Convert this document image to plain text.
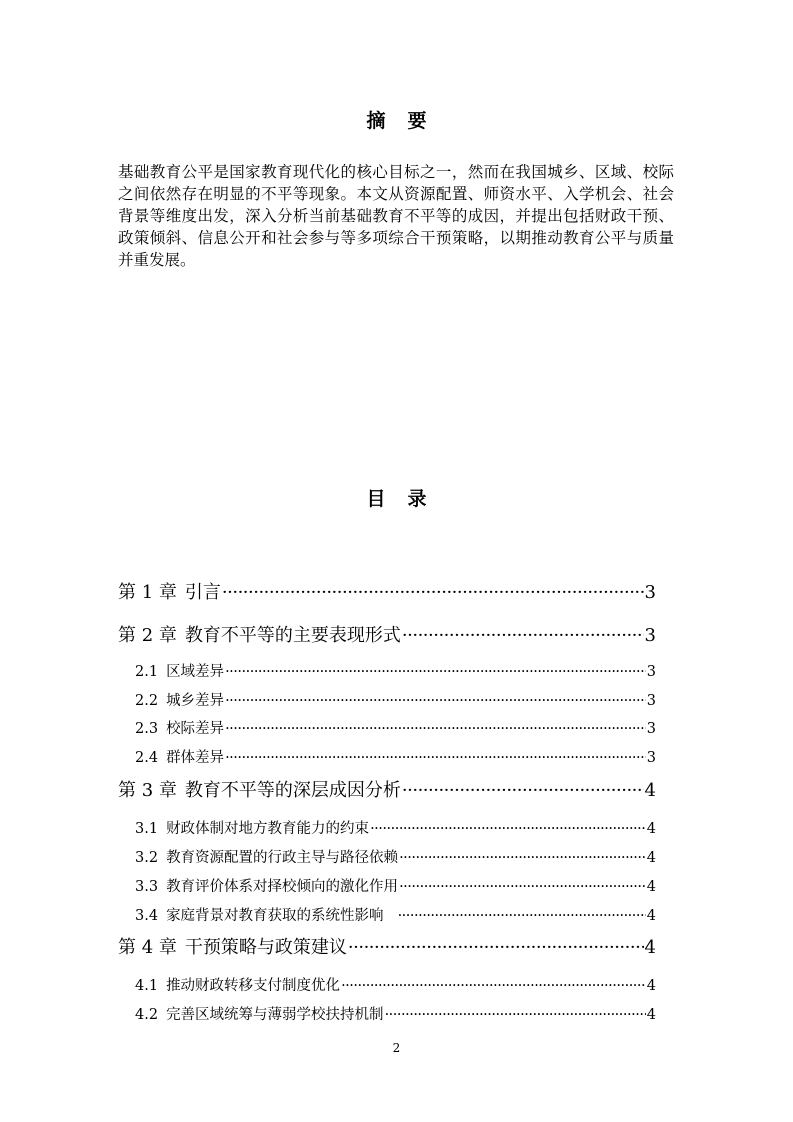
摘要
基础教育公平是国家教育现代化的核心目标之一，然而在我国城乡、区域、校际之间依然存在明显的不平等现象。本文从资源配置、师资水平、入学机会、社会背景等维度出发，深入分析当前基础教育不平等的成因，并提出包括财政干预、政策倾斜、信息公开和社会参与等多项综合干预策略，以期推动教育公平与质量并重发展。
目录
第 1 章 引言 ·····	3
第 2 章 教育不平等的主要表现形式 ·····	3
2.1 区域差异 ·····	3
2.2 城乡差异 ·····	3
2.3 校际差异 ·····	3
2.4 群体差异 ·····	3
第 3 章 教育不平等的深层成因分析 ·····	4
3.1 财政体制对地方教育能力的约束 ·····	4
3.2 教育资源配置的行政主导与路径依赖 ·····	4
3.3 教育评价体系对择校倾向的激化作用 ·····	4
3.4 家庭背景对教育获取的系统性影响 ·····	4
第 4 章 干预策略与政策建议 ·····	4
4.1 推动财政转移支付制度优化 ·····	4
4.2 完善区域统筹与薄弱学校扶持机制 ·····	4
2
